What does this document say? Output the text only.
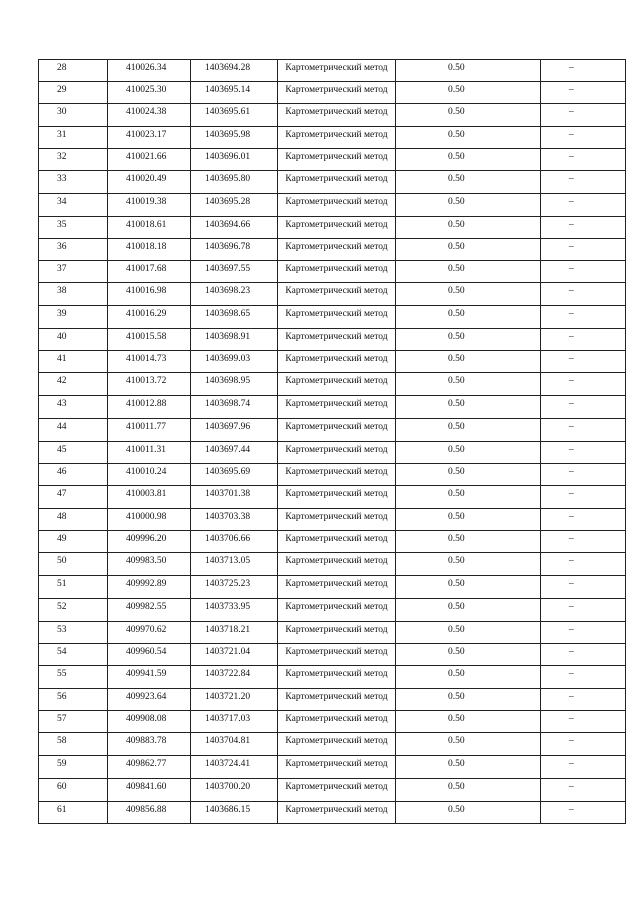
28	410026.34	1403694.28	Картометрический метод	0.50	–
29	410025.30	1403695.14	Картометрический метод	0.50	–
30	410024.38	1403695.61	Картометрический метод	0.50	–
31	410023.17	1403695.98	Картометрический метод	0.50	–
32	410021.66	1403696.01	Картометрический метод	0.50	–
33	410020.49	1403695.80	Картометрический метод	0.50	–
34	410019.38	1403695.28	Картометрический метод	0.50	–
35	410018.61	1403694.66	Картометрический метод	0.50	–
36	410018.18	1403696.78	Картометрический метод	0.50	–
37	410017.68	1403697.55	Картометрический метод	0.50	–
38	410016.98	1403698.23	Картометрический метод	0.50	–
39	410016.29	1403698.65	Картометрический метод	0.50	–
40	410015.58	1403698.91	Картометрический метод	0.50	–
41	410014.73	1403699.03	Картометрический метод	0.50	–
42	410013.72	1403698.95	Картометрический метод	0.50	–
43	410012.88	1403698.74	Картометрический метод	0.50	–
44	410011.77	1403697.96	Картометрический метод	0.50	–
45	410011.31	1403697.44	Картометрический метод	0.50	–
46	410010.24	1403695.69	Картометрический метод	0.50	–
47	410003.81	1403701.38	Картометрический метод	0.50	–
48	410000.98	1403703.38	Картометрический метод	0.50	–
49	409996.20	1403706.66	Картометрический метод	0.50	–
50	409983.50	1403713.05	Картометрический метод	0.50	–
51	409992.89	1403725.23	Картометрический метод	0.50	–
52	409982.55	1403733.95	Картометрический метод	0.50	–
53	409970.62	1403718.21	Картометрический метод	0.50	–
54	409960.54	1403721.04	Картометрический метод	0.50	–
55	409941.59	1403722.84	Картометрический метод	0.50	–
56	409923.64	1403721.20	Картометрический метод	0.50	–
57	409908.08	1403717.03	Картометрический метод	0.50	–
58	409883.78	1403704.81	Картометрический метод	0.50	–
59	409862.77	1403724.41	Картометрический метод	0.50	–
60	409841.60	1403700.20	Картометрический метод	0.50	–
61	409856.88	1403686.15	Картометрический метод	0.50	–
